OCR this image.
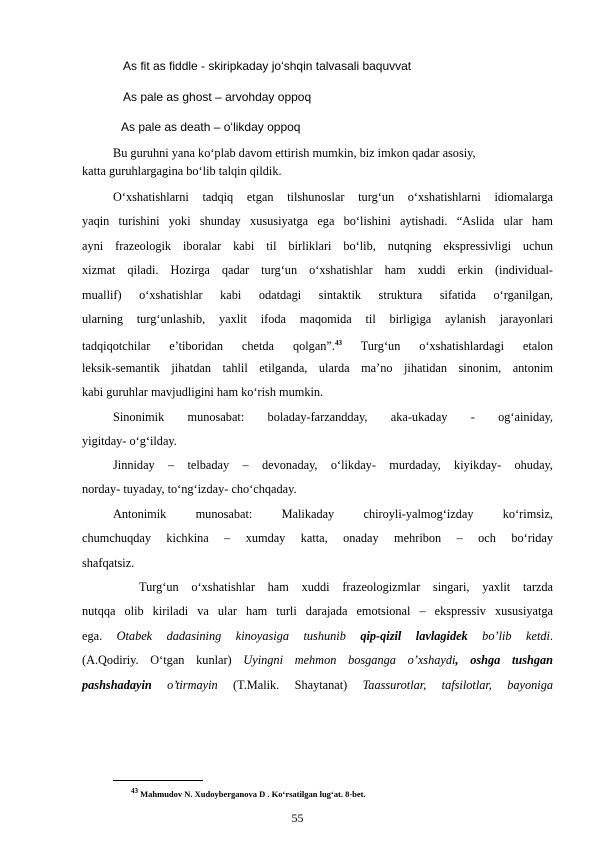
As fit as fiddle - skiripkaday jo‘shqin talvasali baquvvat
As pale as ghost – arvohday oppoq
As pale as death – o‘likday oppoq
Bu guruhni yana ko‘plab davom ettirish mumkin, biz imkon qadar asosiy,
katta guruhlargagina bo‘lib talqin qildik.
O‘xshatishlarni tadqiq etgan tilshunoslar turg‘un o‘xshatishlarni idiomalarga
yaqin turishini yoki shunday xususiyatga ega bo‘lishini aytishadi. “Aslida ular ham
ayni frazeologik iboralar kabi til birliklari bo‘lib, nutqning ekspressivligi uchun
xizmat qiladi. Hozirga qadar turg‘un o‘xshatishlar ham xuddi erkin (individual-
muallif) o‘xshatishlar kabi odatdagi sintaktik struktura sifatida o‘rganilgan,
ularning turg‘unlashib, yaxlit ifoda maqomida til birligiga aylanish jarayonlari
tadqiqotchilar e’tiboridan chetda qolgan”.$^{43}$ Turg‘un o‘xshatishlardagi etalon
leksik-semantik jihatdan tahlil etilganda, ularda ma’no jihatidan sinonim, antonim
kabi guruhlar mavjudligini ham ko‘rish mumkin.
Sinonimik munosabat: boladay-farzandday, aka-ukaday - og‘ainiday,
yigitday- o‘g‘ilday.
Jinniday – telbaday – devonaday, o‘likday- murdaday, kiyikday- ohuday,
norday- tuyaday, to‘ng‘izday- cho‘chqaday.
Antonimik munosabat: Malikaday chiroyli-yalmog‘izday ko‘rimsiz,
chumchuqday kichkina – xumday katta, onaday mehribon – och bo‘riday
shafqatsiz.
Turg‘un o‘xshatishlar ham xuddi frazeologizmlar singari, yaxlit tarzda
nutqqa olib kiriladi va ular ham turli darajada emotsional – ekspressiv xususiyatga
ega. Otabek dadasining kinoyasiga tushunib qip-qizil lavlagidek bo’lib ketdi.
(A.Qodiriy. O‘tgan kunlar) Uyingni mehmon bosganga o’xshaydi, oshga tushgan
pashshadayin o’tirmayin (T.Malik. Shaytanat) Taassurotlar, tafsilotlar, bayoniga
$^{43}$ Mahmudov N. Xudoyberganova D . Ko‘rsatilgan lug‘at. 8-bet.
55
